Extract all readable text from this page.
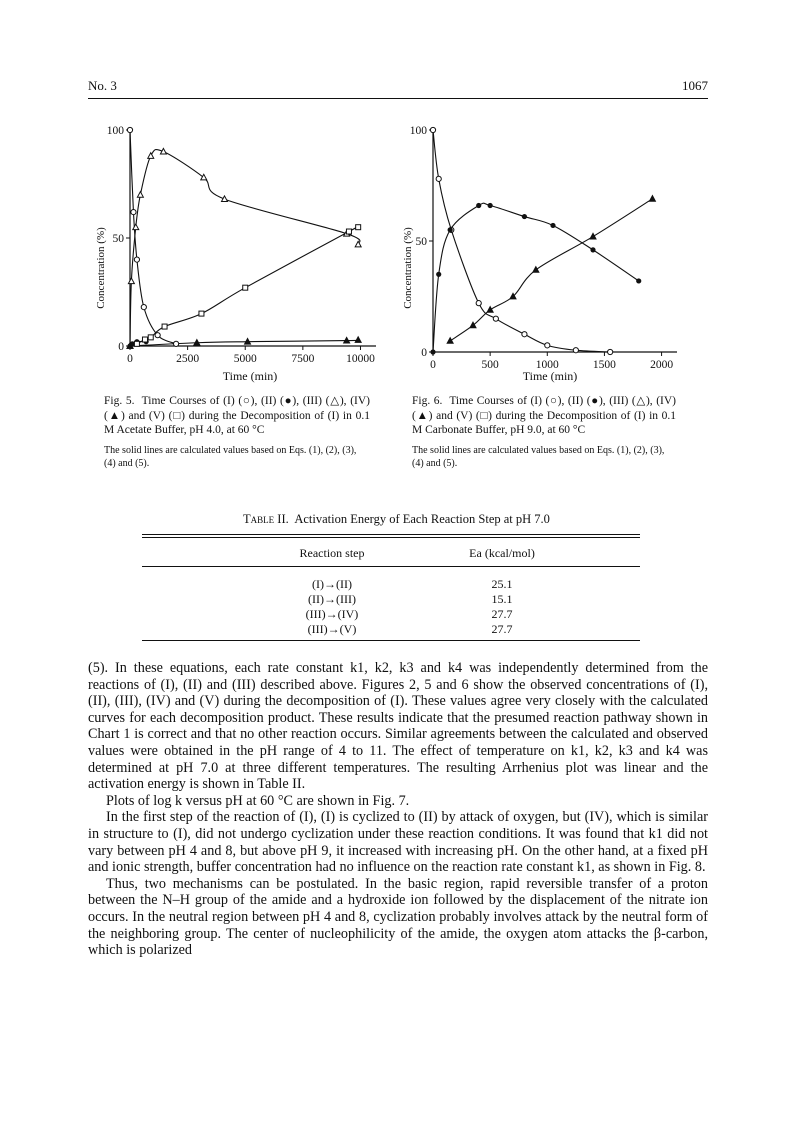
No. 3	1067
Concentration (%)
Time (min)
0	2500	5000	7500	10000
0
50
100
Concentration (%)
Time (min)
0	500	1000	1500	2000
0
50
100
Fig. 5. Time Courses of (I) (○), (II) (●), (III) (△), (IV) (▲) and (V) (□) during the Decomposition of (I) in 0.1 M Acetate Buffer, pH 4.0, at 60 °C
The solid lines are calculated values based on Eqs. (1), (2), (3), (4) and (5).
Fig. 6. Time Courses of (I) (○), (II) (●), (III) (△), (IV) (▲) and (V) (□) during the Decomposition of (I) in 0.1 M Carbonate Buffer, pH 9.0, at 60 °C
The solid lines are calculated values based on Eqs. (1), (2), (3), (4) and (5).
Table II. Activation Energy of Each Reaction Step at pH 7.0
Reaction step	Ea (kcal/mol)
(I)→(II)	25.1
(II)→(III)	15.1
(III)→(IV)	27.7
(III)→(V)	27.7

(5). In these equations, each rate constant k1, k2, k3 and k4 was independently determined from the reactions of (I), (II) and (III) described above. Figures 2, 5 and 6 show the observed concentrations of (I), (II), (III), (IV) and (V) during the decomposition of (I). These values agree very closely with the calculated curves for each decomposition product. These results indicate that the presumed reaction pathway shown in Chart 1 is correct and that no other reaction occurs. Similar agreements between the calculated and observed values were obtained in the pH range of 4 to 11. The effect of temperature on k1, k2, k3 and k4 was determined at pH 7.0 at three different temperatures. The resulting Arrhenius plot was linear and the activation energy is shown in Table II.

Plots of log k versus pH at 60 °C are shown in Fig. 7.

In the first step of the reaction of (I), (I) is cyclized to (II) by attack of oxygen, but (IV), which is similar in structure to (I), did not undergo cyclization under these reaction conditions. It was found that k1 did not vary between pH 4 and 8, but above pH 9, it increased with increasing pH. On the other hand, at a fixed pH and ionic strength, buffer concentration had no influence on the reaction rate constant k1, as shown in Fig. 8.

Thus, two mechanisms can be postulated. In the basic region, rapid reversible transfer of a proton between the N–H group of the amide and a hydroxide ion followed by the displacement of the nitrate ion occurs. In the neutral region between pH 4 and 8, cyclization probably involves attack by the neutral form of the neighboring group. The center of nucleophilicity of the amide, the oxygen atom attacks the β-carbon, which is polarized
